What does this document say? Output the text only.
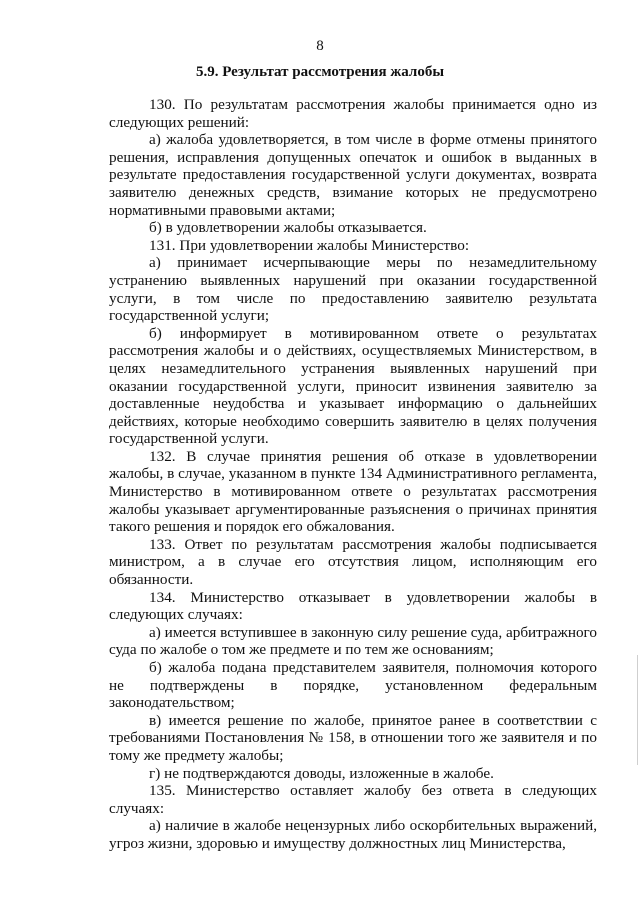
8
5.9. Результат рассмотрения жалобы

130. По результатам рассмотрения жалобы принимается одно из следующих решений:

а) жалоба удовлетворяется, в том числе в форме отмены принятого решения, исправления допущенных опечаток и ошибок в выданных в результате предоставления государственной услуги документах, возврата заявителю денежных средств, взимание которых не предусмотрено нормативными правовыми актами;

б) в удовлетворении жалобы отказывается.

131. При удовлетворении жалобы Министерство:

а) принимает исчерпывающие меры по незамедлительному устранению выявленных нарушений при оказании государственной услуги, в том числе по предоставлению заявителю результата государственной услуги;

б) информирует в мотивированном ответе о результатах рассмотрения жалобы и о действиях, осуществляемых Министерством, в целях незамедлительного устранения выявленных нарушений при оказании государственной услуги, приносит извинения заявителю за доставленные неудобства и указывает информацию о дальнейших действиях, которые необходимо совершить заявителю в целях получения государственной услуги.

132. В случае принятия решения об отказе в удовлетворении жалобы, в случае, указанном в пункте 134 Административного регламента, Министерство в мотивированном ответе о результатах рассмотрения жалобы указывает аргументированные разъяснения о причинах принятия такого решения и порядок его обжалования.

133. Ответ по результатам рассмотрения жалобы подписывается министром, а в случае его отсутствия лицом, исполняющим его обязанности.

134. Министерство отказывает в удовлетворении жалобы в следующих случаях:

а) имеется вступившее в законную силу решение суда, арбитражного суда по жалобе о том же предмете и по тем же основаниям;

б) жалоба подана представителем заявителя, полномочия которого не подтверждены в порядке, установленном федеральным законодательством;

в) имеется решение по жалобе, принятое ранее в соответствии с требованиями Постановления № 158, в отношении того же заявителя и по тому же предмету жалобы;

г) не подтверждаются доводы, изложенные в жалобе.

135. Министерство оставляет жалобу без ответа в следующих случаях:

а) наличие в жалобе нецензурных либо оскорбительных выражений, угроз жизни, здоровью и имуществу должностных лиц Министерства,
